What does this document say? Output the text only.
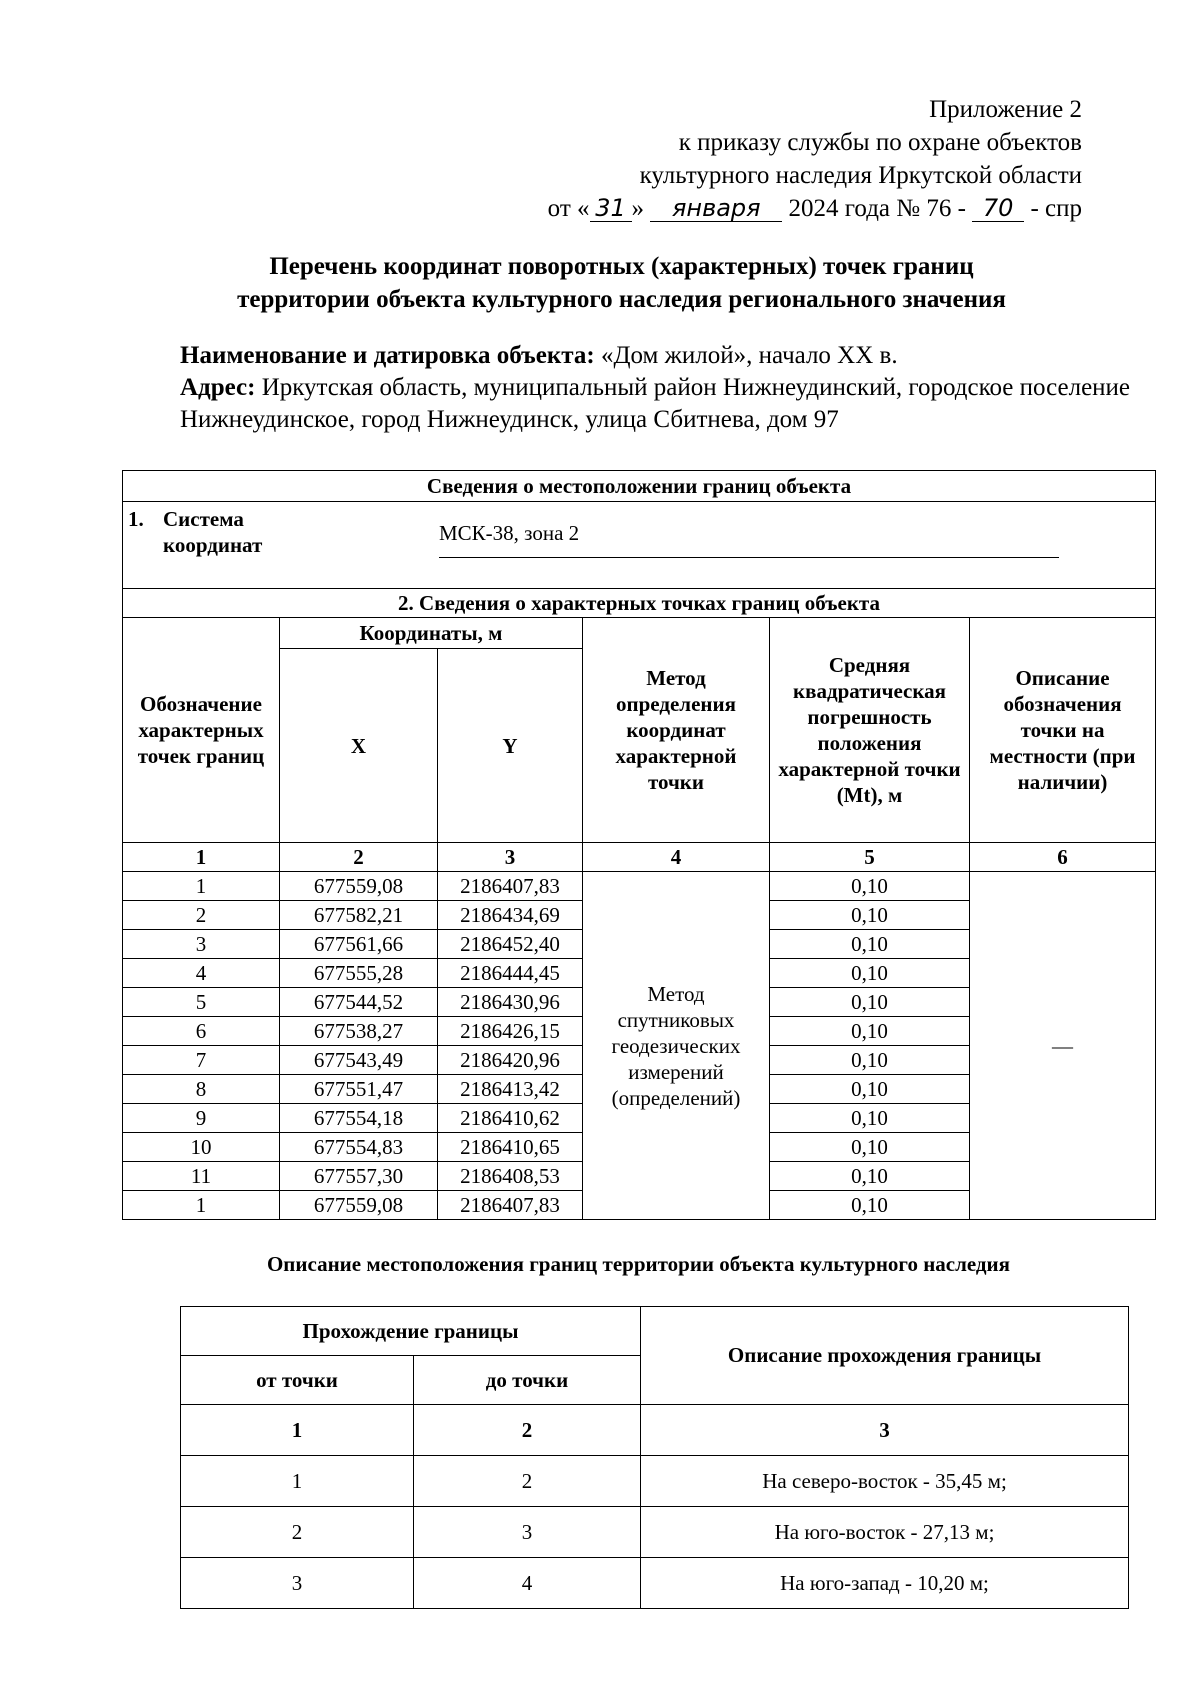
Приложение 2
к приказу службы по охране объектов
культурного наследия Иркутской области
от « 31 » января 2024 года № 76 - 70 - спр
Перечень координат поворотных (характерных) точек границ
территории объекта культурного наследия регионального значения
Наименование и датировка объекта: «Дом жилой», начало XX в.
Адрес: Иркутская область, муниципальный район Нижнеудинский, городское поселение Нижнеудинское, город Нижнеудинск, улица Сбитнева, дом 97
Сведения о местоположении границ объекта					

1. Система координат МСК-38, зона 2					

2. Сведения о характерных точках границ объекта					
Обозначение характерных точек границ	Координаты, м		Метод определения координат характерной точки	Средняя квадратическая погрешность положения характерной точки (Mt), м	Описание обозначения точки на местности (при наличии)
	X	Y			
1	2	3	4	5	6
1	677559,08	2186407,83	Метод спутниковых геодезических измерений (определений)	0,10	—
2	677582,21	2186434,69		0,10	
3	677561,66	2186452,40		0,10	
4	677555,28	2186444,45		0,10	
5	677544,52	2186430,96		0,10	
6	677538,27	2186426,15		0,10	
7	677543,49	2186420,96		0,10	
8	677551,47	2186413,42		0,10	
9	677554,18	2186410,62		0,10	
10	677554,83	2186410,65		0,10	
11	677557,30	2186408,53		0,10	
1	677559,08	2186407,83		0,10	
Описание местоположения границ территории объекта культурного наследия
Прохождение границы		Описание прохождения границы
от точки	до точки	
1	2	3
1	2	На северо-восток - 35,45 м;
2	3	На юго-восток - 27,13 м;
3	4	На юго-запад - 10,20 м;
